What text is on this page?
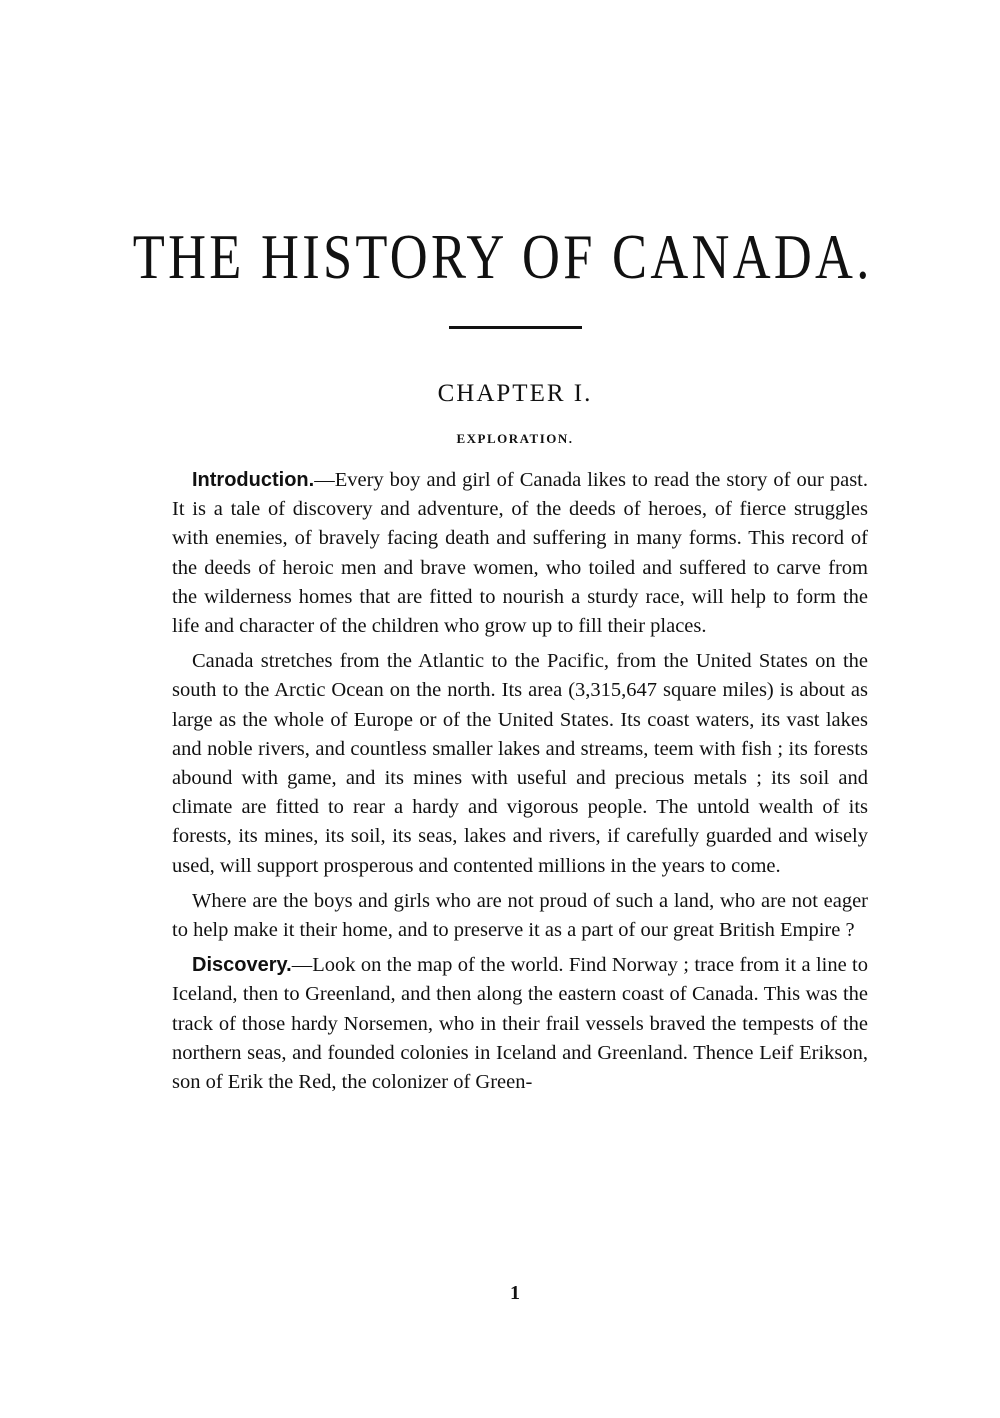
THE HISTORY OF CANADA.
CHAPTER I.
EXPLORATION.

Introduction.—Every boy and girl of Canada likes to read the story of our past. It is a tale of discovery and adventure, of the deeds of heroes, of fierce struggles with enemies, of bravely facing death and suffering in many forms. This record of the deeds of heroic men and brave women, who toiled and suffered to carve from the wilderness homes that are fitted to nourish a sturdy race, will help to form the life and character of the children who grow up to fill their places.

Canada stretches from the Atlantic to the Pacific, from the United States on the south to the Arctic Ocean on the north. Its area (3,315,647 square miles) is about as large as the whole of Europe or of the United States. Its coast waters, its vast lakes and noble rivers, and countless smaller lakes and streams, teem with fish ; its forests abound with game, and its mines with useful and precious metals ; its soil and climate are fitted to rear a hardy and vigorous people. The untold wealth of its forests, its mines, its soil, its seas, lakes and rivers, if carefully guarded and wisely used, will support prosperous and contented millions in the years to come.

Where are the boys and girls who are not proud of such a land, who are not eager to help make it their home, and to preserve it as a part of our great British Empire ?

Discovery.—Look on the map of the world. Find Norway ; trace from it a line to Iceland, then to Greenland, and then along the eastern coast of Canada. This was the track of those hardy Norsemen, who in their frail vessels braved the tempests of the northern seas, and founded colonies in Iceland and Greenland. Thence Leif Erikson, son of Erik the Red, the colonizer of Green-

1
